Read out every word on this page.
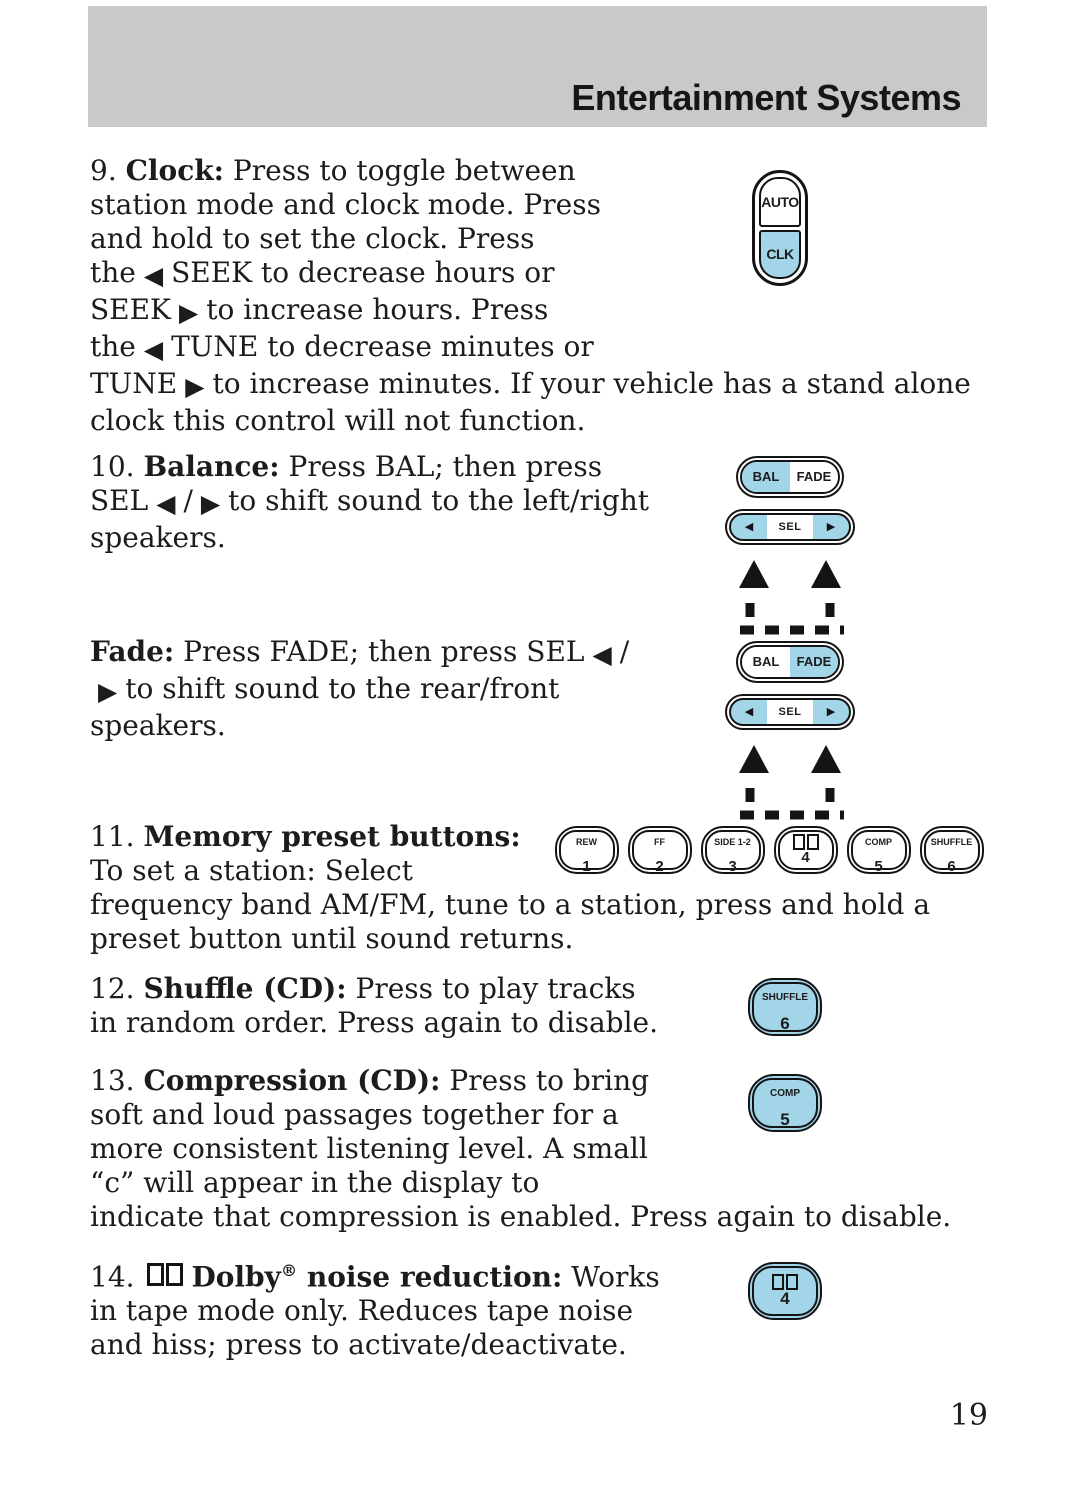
Entertainment Systems
AUTO
CLK

9. Clock: Press to toggle between station mode and clock mode. Press and hold to set the clock. Press the ◀ SEEK to decrease hours or SEEK ▶ to increase hours. Press the ◀ TUNE to decrease minutes or TUNE ▶ to increase minutes. If your vehicle has a stand alone clock this control will not function.

BAL	FADE
◀	SEL	▶

10. Balance: Press BAL; then press SEL ◀ / ▶ to shift sound to the left/right speakers.

BAL	FADE
◀	SEL	▶

Fade: Press FADE; then press SEL ◀ /▶ to shift sound to the rear/front speakers.

REW
1
FF
2
SIDE 1-2
3
4
COMP
5
SHUFFLE
6

11. Memory preset buttons: To set a station: Select frequency band AM/FM, tune to a station, press and hold a preset button until sound returns.

SHUFFLE
6

12. Shuffle (CD): Press to play tracks in random order. Press again to disable.

COMP
5

13. Compression (CD): Press to bring soft and loud passages together for a more consistent listening level. A small “c” will appear in the display to indicate that compression is enabled. Press again to disable.

4

14.
Dolby® noise reduction: Works in tape mode only. Reduces tape noise and hiss; press to activate/deactivate.

19
